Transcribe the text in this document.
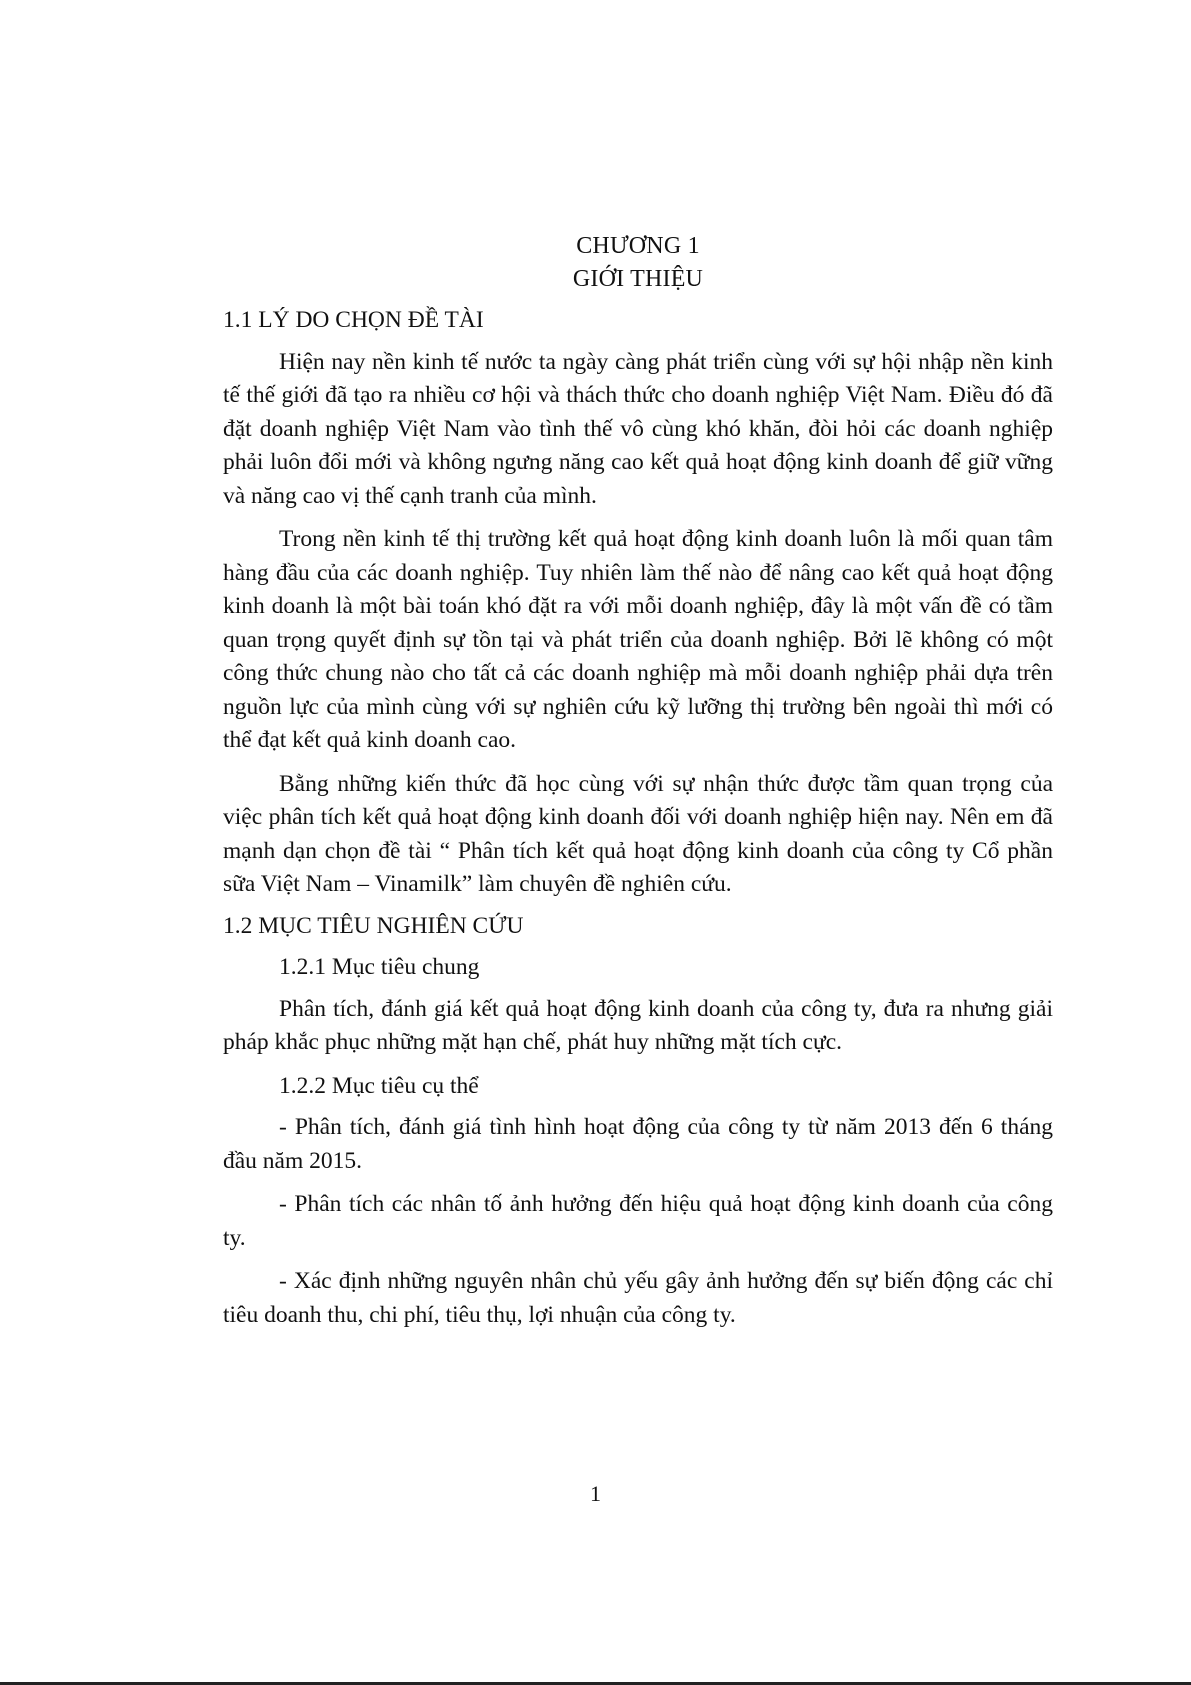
CHƯƠNG 1
GIỚI THIỆU
1.1 LÝ DO CHỌN ĐỀ TÀI

Hiện nay nền kinh tế nước ta ngày càng phát triển cùng với sự hội nhập nền kinh tế thế giới đã tạo ra nhiều cơ hội và thách thức cho doanh nghiệp Việt Nam. Điều đó đã đặt doanh nghiệp Việt Nam vào tình thế vô cùng khó khăn, đòi hỏi các doanh nghiệp phải luôn đổi mới và không ngưng năng cao kết quả hoạt động kinh doanh để giữ vững và năng cao vị thế cạnh tranh của mình.

Trong nền kinh tế thị trường kết quả hoạt động kinh doanh luôn là mối quan tâm hàng đầu của các doanh nghiệp. Tuy nhiên làm thế nào để nâng cao kết quả hoạt động kinh doanh là một bài toán khó đặt ra với mỗi doanh nghiệp, đây là một vấn đề có tầm quan trọng quyết định sự tồn tại và phát triển của doanh nghiệp. Bởi lẽ không có một công thức chung nào cho tất cả các doanh nghiệp mà mỗi doanh nghiệp phải dựa trên nguồn lực của mình cùng với sự nghiên cứu kỹ lưỡng thị trường bên ngoài thì mới có thể đạt kết quả kinh doanh cao.

Bằng những kiến thức đã học cùng với sự nhận thức được tầm quan trọng của việc phân tích kết quả hoạt động kinh doanh đối với doanh nghiệp hiện nay. Nên em đã mạnh dạn chọn đề tài “ Phân tích kết quả hoạt động kinh doanh của công ty Cổ phần sữa Việt Nam – Vinamilk” làm chuyên đề nghiên cứu.

1.2 MỤC TIÊU NGHIÊN CỨU
1.2.1 Mục tiêu chung

Phân tích, đánh giá kết quả hoạt động kinh doanh của công ty, đưa ra nhưng giải pháp khắc phục những mặt hạn chế, phát huy những mặt tích cực.

1.2.2 Mục tiêu cụ thể

- Phân tích, đánh giá tình hình hoạt động của công ty từ năm 2013 đến 6 tháng đầu năm 2015.

- Phân tích các nhân tố ảnh hưởng đến hiệu quả hoạt động kinh doanh của công ty.

- Xác định những nguyên nhân chủ yếu gây ảnh hưởng đến sự biến động các chỉ tiêu doanh thu, chi phí, tiêu thụ, lợi nhuận của công ty.

1
